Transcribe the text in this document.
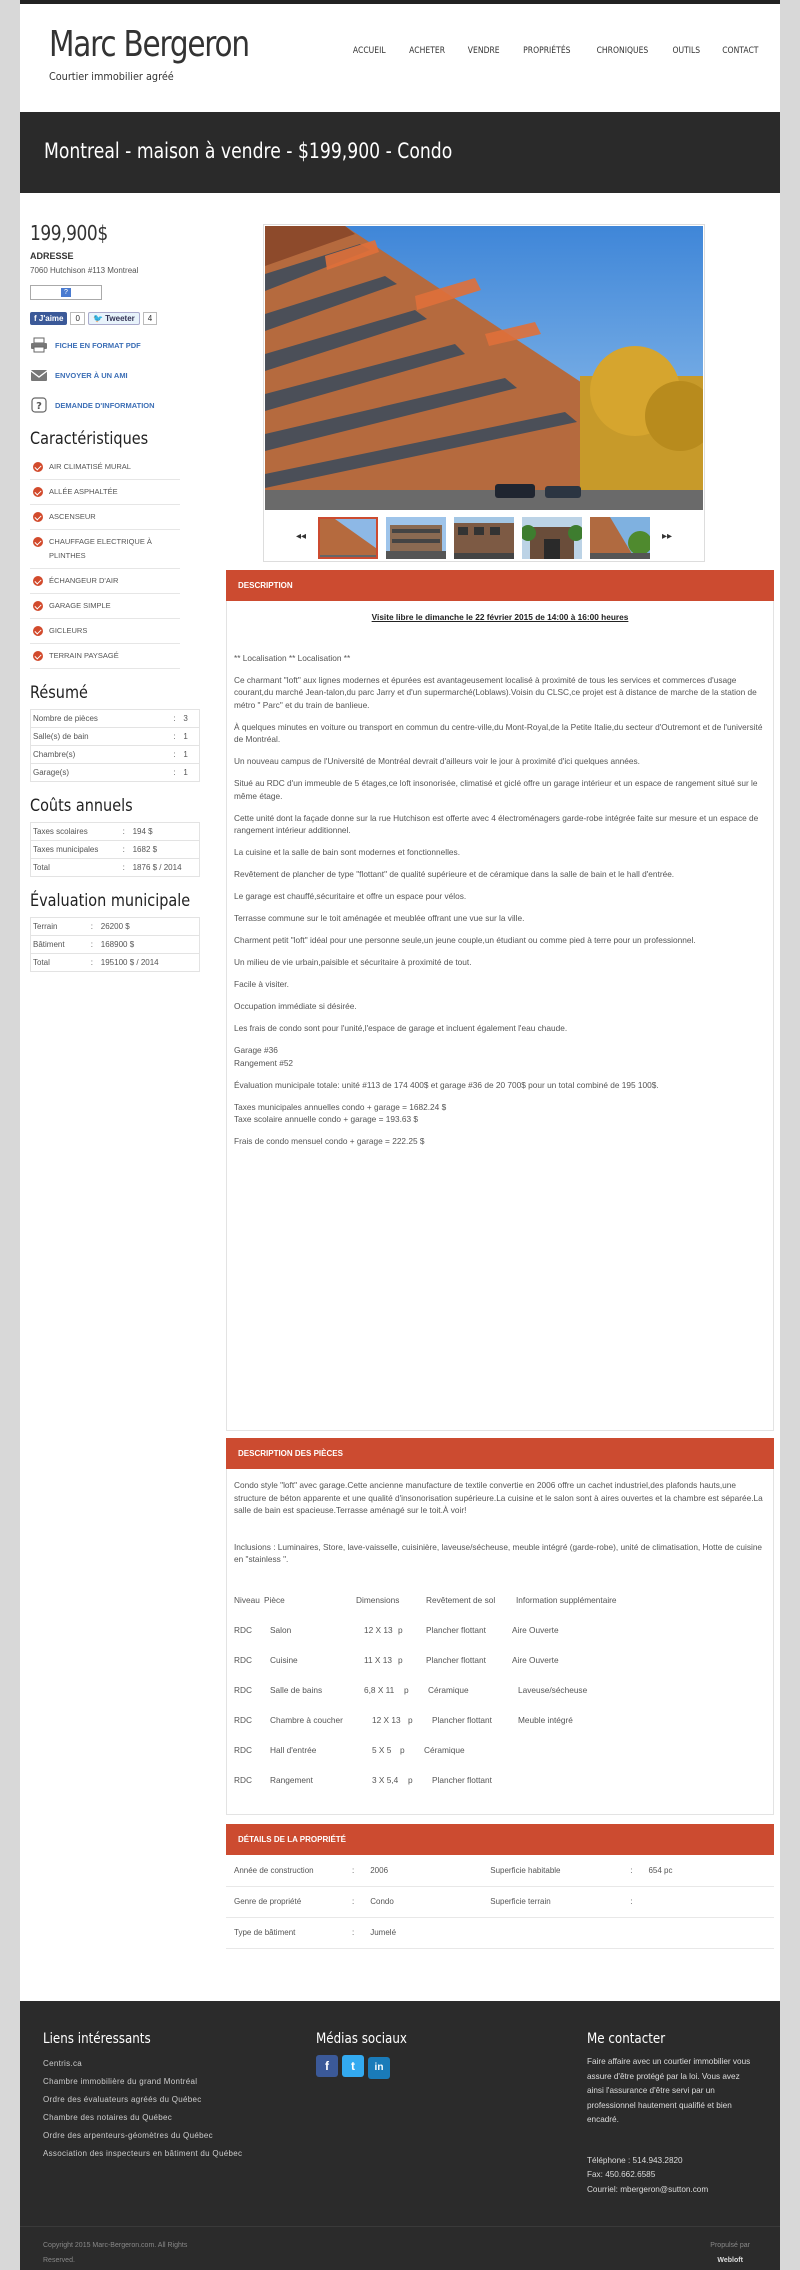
Marc Bergeron
Courtier immobilier agréé
ACCUEIL	ACHETER	VENDRE	PROPRIÉTÉS	CHRONIQUES	OUTILS	CONTACT
Montreal - maison à vendre - $199,900 - Condo
199,900$
ADRESSE
7060 Hutchison #113 Montreal
?
f J'aime	0	🐦 Tweeter	4
FICHE EN FORMAT PDF
ENVOYER À UN AMI
? DEMANDE D'INFORMATION
Caractéristiques
AIR CLIMATISÉ MURAL
ALLÉE ASPHALTÉE
ASCENSEUR
CHAUFFAGE ELECTRIQUE À PLINTHES
ÉCHANGEUR D'AIR
GARAGE SIMPLE
GICLEURS
TERRAIN PAYSAGÉ
Résumé
Nombre de pièces	:	3
Salle(s) de bain	:	1
Chambre(s)	:	1
Garage(s)	:	1
Coûts annuels
Taxes scolaires	:	194 $
Taxes municipales	:	1682 $
Total	:	1876 $ / 2014
Évaluation municipale
Terrain	:	26200 $
Bâtiment	:	168900 $
Total	:	195100 $ / 2014
◂◂	▸▸
DESCRIPTION

Visite libre le dimanche le 22 février 2015 de 14:00 à 16:00 heures

** Localisation ** Localisation **

Ce charmant "loft" aux lignes modernes et épurées est avantageusement localisé à proximité de tous les services et commerces d'usage courant,du marché Jean-talon,du parc Jarry et d'un supermarché(Loblaws).Voisin du CLSC,ce projet est à distance de marche de la station de métro " Parc" et du train de banlieue.

À quelques minutes en voiture ou transport en commun du centre-ville,du Mont-Royal,de la Petite Italie,du secteur d'Outremont et de l'université de Montréal.

Un nouveau campus de l'Université de Montréal devrait d'ailleurs voir le jour à proximité d'ici quelques années.

Situé au RDC d'un immeuble de 5 étages,ce loft insonorisée, climatisé et giclé offre un garage intérieur et un espace de rangement situé sur le même étage.

Cette unité dont la façade donne sur la rue Hutchison est offerte avec 4 électroménagers garde-robe intégrée faite sur mesure et un espace de rangement intérieur additionnel.

La cuisine et la salle de bain sont modernes et fonctionnelles.

Revêtement de plancher de type "flottant" de qualité supérieure et de céramique dans la salle de bain et le hall d'entrée.

Le garage est chauffé,sécuritaire et offre un espace pour vélos.

Terrasse commune sur le toit aménagée et meublée offrant une vue sur la ville.

Charment petit "loft" idéal pour une personne seule,un jeune couple,un étudiant ou comme pied à terre pour un professionnel.

Un milieu de vie urbain,paisible et sécuritaire à proximité de tout.

Facile à visiter.

Occupation immédiate si désirée.

Les frais de condo sont pour l'unité,l'espace de garage et incluent également l'eau chaude.

Garage #36
Rangement #52

Évaluation municipale totale: unité #113 de 174 400$ et garage #36 de 20 700$ pour un total combiné de 195 100$.

Taxes municipales annuelles condo + garage = 1682.24 $
Taxe scolaire annuelle condo + garage = 193.63 $

Frais de condo mensuel condo + garage = 222.25 $

DESCRIPTION DES PIÈCES

Condo style "loft" avec garage.Cette ancienne manufacture de textile convertie en 2006 offre un cachet industriel,des plafonds hauts,une structure de béton apparente et une qualité d'insonorisation supérieure.La cuisine et le salon sont à aires ouvertes et la chambre est séparée.La salle de bain est spacieuse.Terrasse aménagé sur le toit.À voir!

Inclusions : Luminaires, Store, lave-vaisselle, cuisinière, laveuse/sécheuse, meuble intégré (garde-robe), unité de climatisation, Hotte de cuisine en "stainless ".

Niveau Pièce	Dimensions	Revêtement de sol	Information supplémentaire
RDC	Salon	12 X 13 p	Plancher flottant	Aire Ouverte
RDC	Cuisine	11 X 13 p	Plancher flottant	Aire Ouverte
RDC	Salle de bains	6,8 X 11	p	Céramique	Laveuse/sécheuse
RDC	Chambre à coucher	12 X 13 p	Plancher flottant	Meuble intégré
RDC	Hall d'entrée	5 X 5	p	Céramique
RDC	Rangement	3 X 5,4	p	Plancher flottant
DÉTAILS DE LA PROPRIÉTÉ
Année de construction	:	2006	Superficie habitable	:	654 pc
Genre de propriété	:	Condo	Superficie terrain	:	
Type de bâtiment	:	Jumelé			
Liens intéressants
Centris.ca
Chambre immobilière du grand Montréal
Ordre des évaluateurs agréés du Québec
Chambre des notaires du Québec
Ordre des arpenteurs-géomètres du Québec
Association des inspecteurs en bâtiment du Québec
Médias sociaux
f t in
Me contacter

Faire affaire avec un courtier immobilier vous assure d'être protégé par la loi. Vous avez ainsi l'assurance d'être servi par un professionnel hautement qualifié et bien encadré.

Téléphone : 514.943.2820

Fax: 450.662.6585

Courriel: mbergeron@sutton.com

Copyright 2015 Marc-Bergeron.com. All Rights Reserved.
Propulsé par
Webloft
